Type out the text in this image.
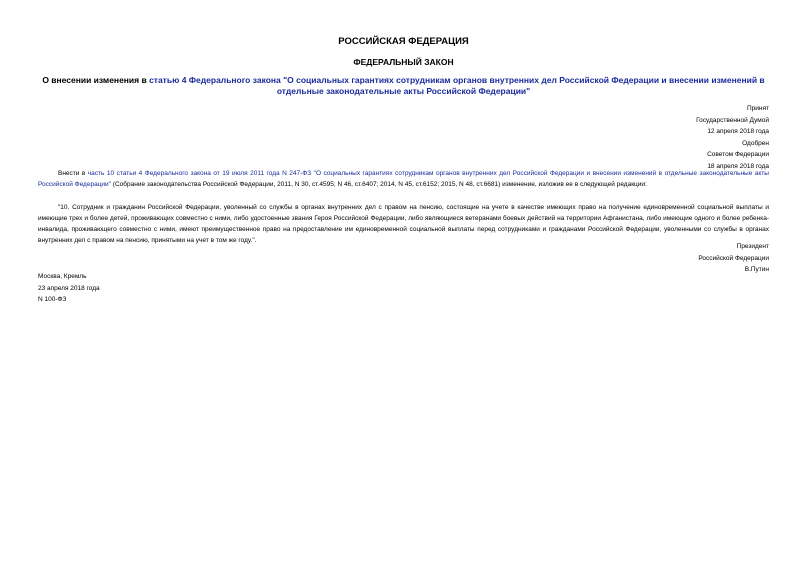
РОССИЙСКАЯ ФЕДЕРАЦИЯ
ФЕДЕРАЛЬНЫЙ ЗАКОН
О внесении изменения в статью 4 Федерального закона "О социальных гарантиях сотрудникам органов внутренних дел Российской Федерации и внесении изменений в отдельные законодательные акты Российской Федерации"
Принят
Государственной Думой
12 апреля 2018 года
Одобрен
Советом Федерации
18 апреля 2018 года
Внести в часть 10 статьи 4 Федерального закона от 19 июля 2011 года N 247-ФЗ "О социальных гарантиях сотрудникам органов внутренних дел Российской Федерации и внесении изменений в отдельные законодательные акты Российской Федерации" (Собрание законодательства Российской Федерации, 2011, N 30, ст.4595; N 46, ст.6407; 2014, N 45, ст.6152; 2015, N 48, ст.6681) изменение, изложив ее в следующей редакции:
"10. Сотрудник и гражданин Российской Федерации, уволенный со службы в органах внутренних дел с правом на пенсию, состоящие на учете в качестве имеющих право на получение единовременной социальной выплаты и имеющие трех и более детей, проживающих совместно с ними, либо удостоенные звания Героя Российской Федерации, либо являющиеся ветеранами боевых действий на территории Афганистана, либо имеющие одного и более ребенка-инвалида, проживающего совместно с ними, имеют преимущественное право на предоставление им единовременной социальной выплаты перед сотрудниками и гражданами Российской Федерации, уволенными со службы в органах внутренних дел с правом на пенсию, принятыми на учет в том же году.".
Президент
Российской Федерации
В.Путин
Москва, Кремль
23 апреля 2018 года
N 100-ФЗ
